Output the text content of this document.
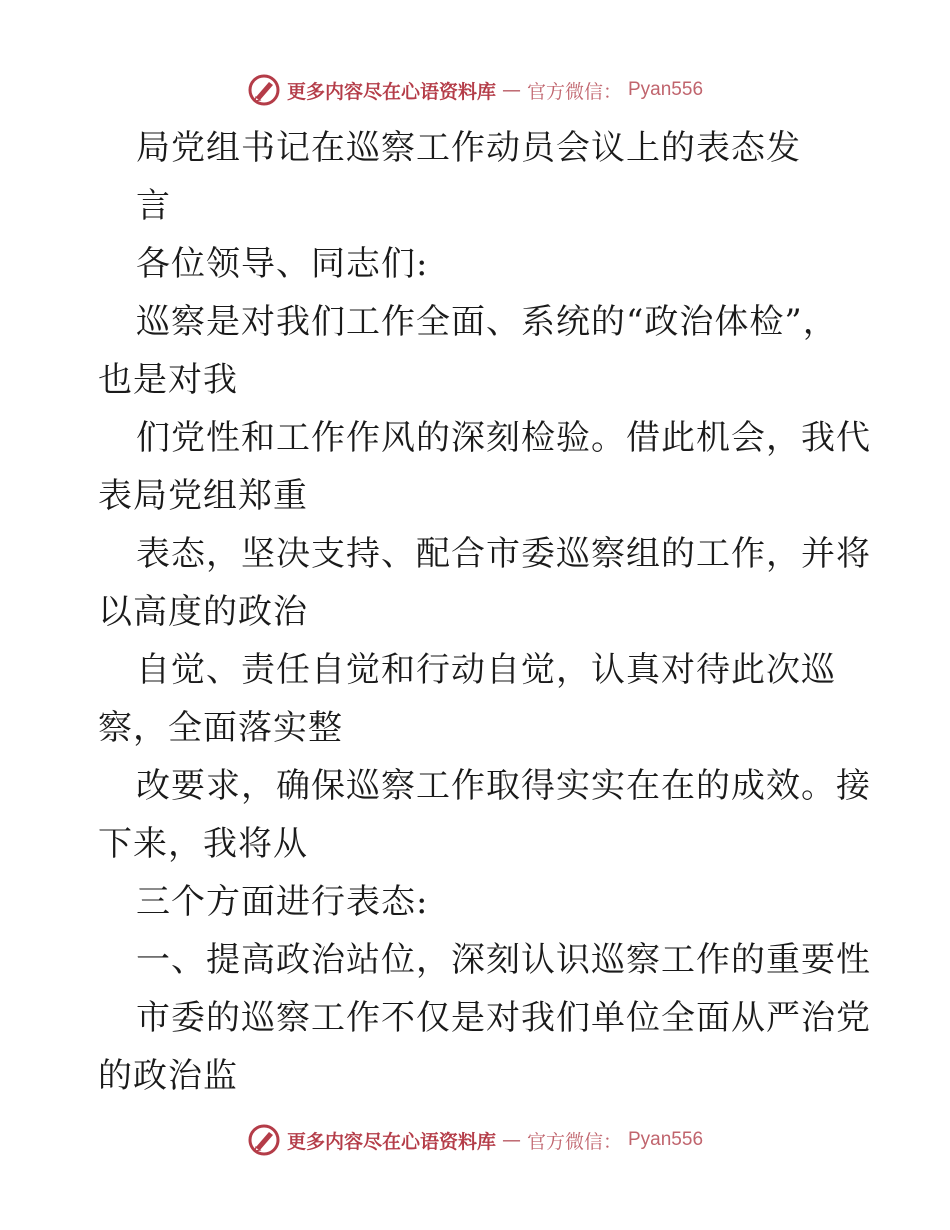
更多内容尽在心语资料库 — 官方微信： Pyan556
局党组书记在巡察工作动员会议上的表态发
言
各位领导、同志们:
巡察是对我们工作全面、系统的“政治体检”，
也是对我
们党性和工作作风的深刻检验。借此机会，我代
表局党组郑重
表态，坚决支持、配合市委巡察组的工作，并将
以高度的政治
自觉、责任自觉和行动自觉，认真对待此次巡
察，全面落实整
改要求，确保巡察工作取得实实在在的成效。接
下来，我将从
三个方面进行表态:
一、提高政治站位，深刻认识巡察工作的重要性
市委的巡察工作不仅是对我们单位全面从严治党
的政治监
更多内容尽在心语资料库 — 官方微信： Pyan556
